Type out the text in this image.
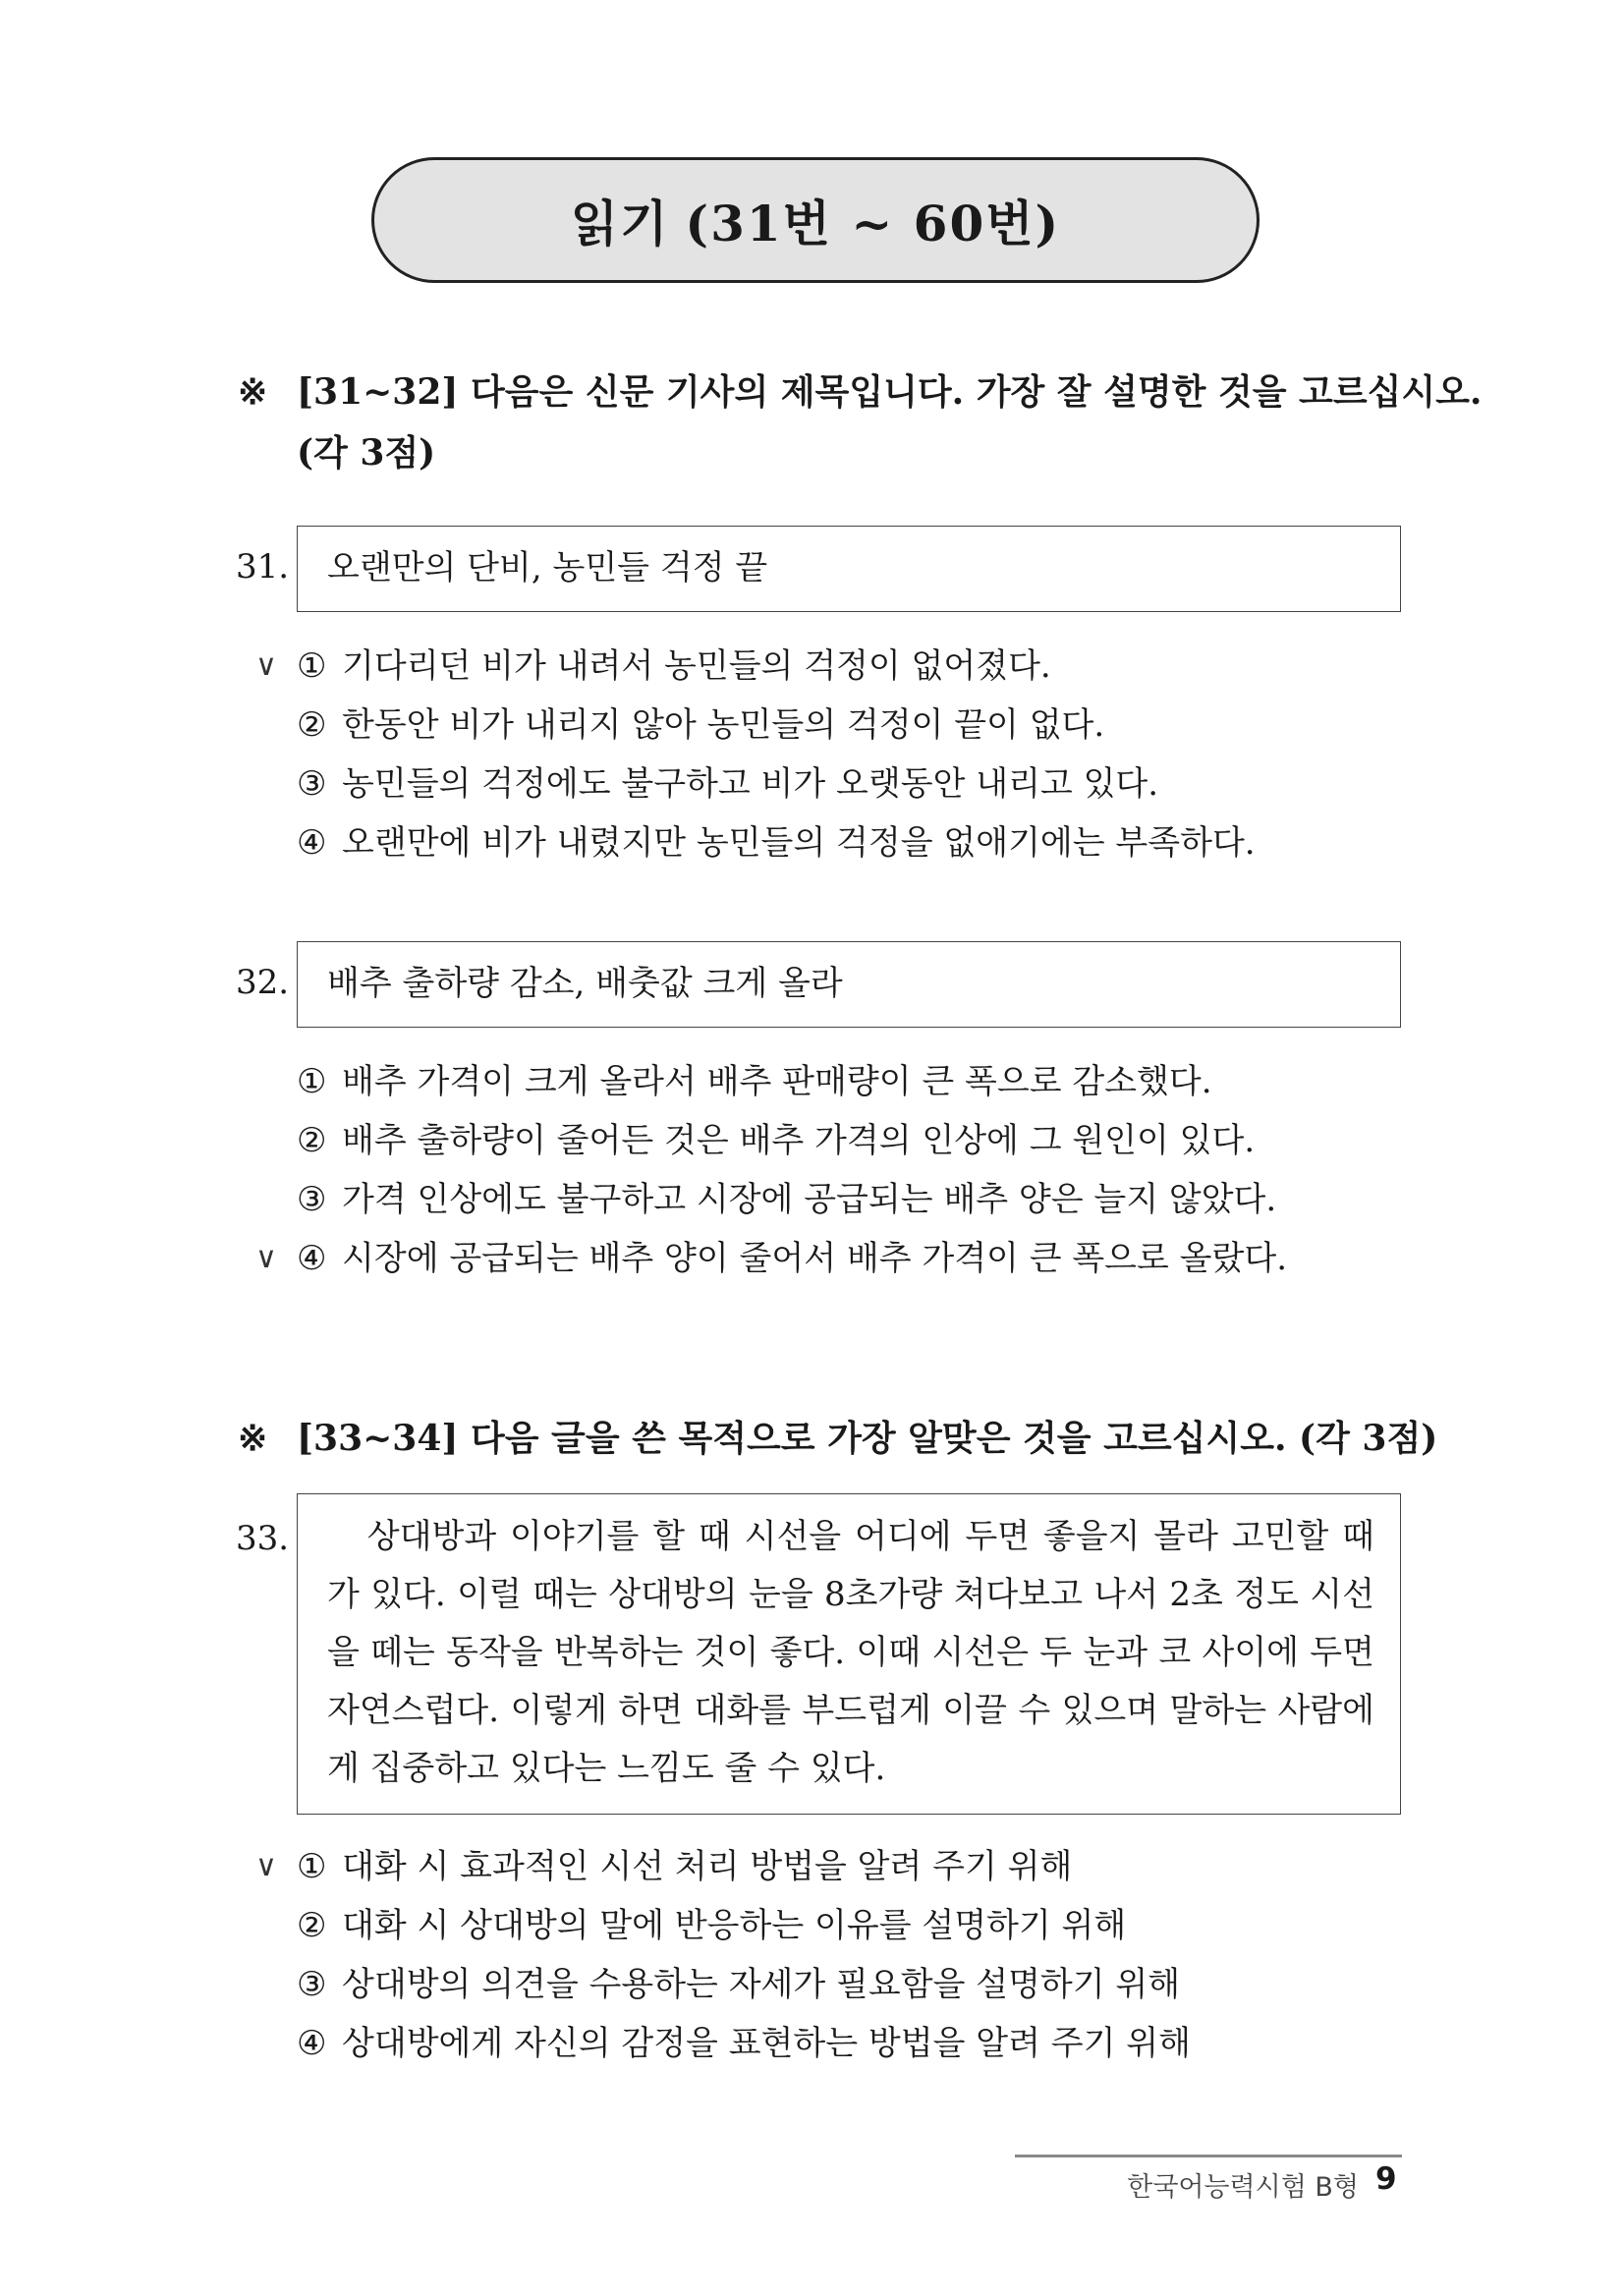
읽기 (31번 ~ 60번)
※ [31~32] 다음은 신문 기사의 제목입니다. 가장 잘 설명한 것을 고르십시오.
(각 3점)
31.	오랜만의 단비, 농민들 걱정 끝
∨ ① 기다리던 비가 내려서 농민들의 걱정이 없어졌다.
② 한동안 비가 내리지 않아 농민들의 걱정이 끝이 없다.
③ 농민들의 걱정에도 불구하고 비가 오랫동안 내리고 있다.
④ 오랜만에 비가 내렸지만 농민들의 걱정을 없애기에는 부족하다.
32.	배추 출하량 감소, 배춧값 크게 올라
① 배추 가격이 크게 올라서 배추 판매량이 큰 폭으로 감소했다.
② 배추 출하량이 줄어든 것은 배추 가격의 인상에 그 원인이 있다.
③ 가격 인상에도 불구하고 시장에 공급되는 배추 양은 늘지 않았다.
∨ ④ 시장에 공급되는 배추 양이 줄어서 배추 가격이 큰 폭으로 올랐다.
※ [33~34] 다음 글을 쓴 목적으로 가장 알맞은 것을 고르십시오. (각 3점)
33.	상대방과 이야기를 할 때 시선을 어디에 두면 좋을지 몰라 고민할 때가 있다. 이럴 때는 상대방의 눈을 8초가량 쳐다보고 나서 2초 정도 시선을 떼는 동작을 반복하는 것이 좋다. 이때 시선은 두 눈과 코 사이에 두면 자연스럽다. 이렇게 하면 대화를 부드럽게 이끌 수 있으며 말하는 사람에게 집중하고 있다는 느낌도 줄 수 있다.

∨ ① 대화 시 효과적인 시선 처리 방법을 알려 주기 위해
② 대화 시 상대방의 말에 반응하는 이유를 설명하기 위해
③ 상대방의 의견을 수용하는 자세가 필요함을 설명하기 위해
④ 상대방에게 자신의 감정을 표현하는 방법을 알려 주기 위해
한국어능력시험 B형 9
